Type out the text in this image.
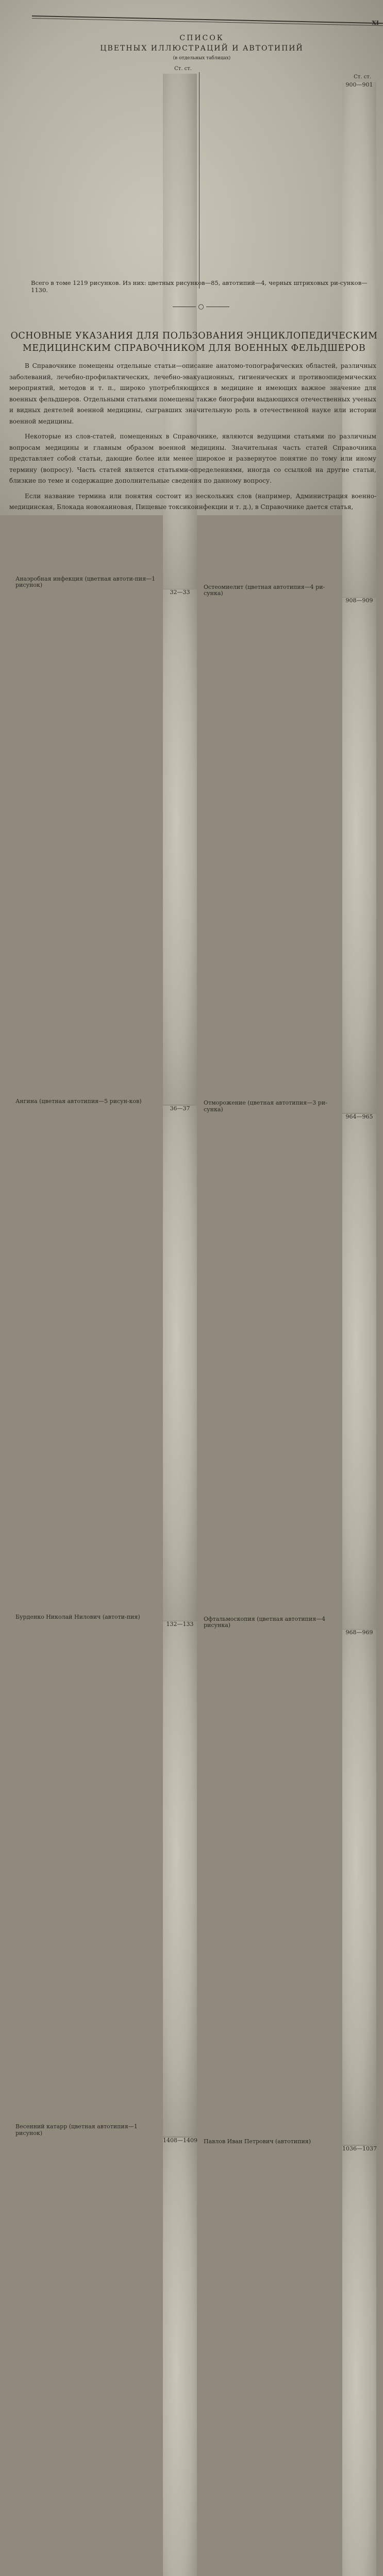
XI
СПИСОК
ЦВЕТНЫХ ИЛЛЮСТРАЦИЙ И АВТОТИПИЙ
(в отдельных таблицах)
Ст. ст.
Анаэробная инфекция (цветная автоти-пия—1 рисунок)
Ангина (цветная автотипия—5 рисун-ков)
32—33
Бурденко Николай Нилович (автоти-пия)
36—37
Весенний катарр (цветная автотипия—1 рисунок)
132—133
1408—1409
Ст. ст.
Остеомиелит (цветная автотипия—4 ри-сунка)
900—901
Отморожение (цветная автотипия—3 ри-сунка)
908—909
Офтальмоскопия (цветная автотипия—4 рисунка)
964—965
Павлов Иван Петрович (автотипия)
968—969
1036—1037
Всего в томе 1219 рисунков. Из них: цветных рисунков—85, автотипий—4, черных штриховых ри-сунков—1130.
○
ОСНОВНЫЕ УКАЗАНИЯ ДЛЯ ПОЛЬЗОВАНИЯ ЭНЦИКЛОПЕДИЧЕСКИМ МЕДИЦИНСКИМ СПРАВОЧНИКОМ ДЛЯ ВОЕННЫХ ФЕЛЬДШЕРОВ

В Справочнике помещены отдельные статьи—описание анатомо-топографических областей, различных заболеваний, лечебно-профилактических, лечебно-эвакуационных, гигиенических и противоэпидемических мероприятий, методов и т. п., широко употребляющихся в медицине и имеющих важное значение для военных фельдшеров. Отдельными статьями помещены также биографии выдающихся отечественных ученых и видных деятелей военной медицины, сыгравших значительную роль в отечественной науке или истории военной медицины.

Некоторые из слов-статей, помещенных в Справочнике, являются ведущими статьями по различным вопросам медицины и главным образом военной медицины. Значительная часть статей Справочника представляет собой статьи, дающие более или менее широкое и развернутое понятие по тому или иному термину (вопросу). Часть статей является статьями-определениями, иногда со ссылкой на другие статьи, близкие по теме и содержащие дополнительные сведения по данному вопросу.

Если название термина или понятия состоит из нескольких слов (например, Администрация военно-медицинская, Блокада новокаиновая, Пищевые токсикоинфекции и т. д.), в Справочнике дается статья,
